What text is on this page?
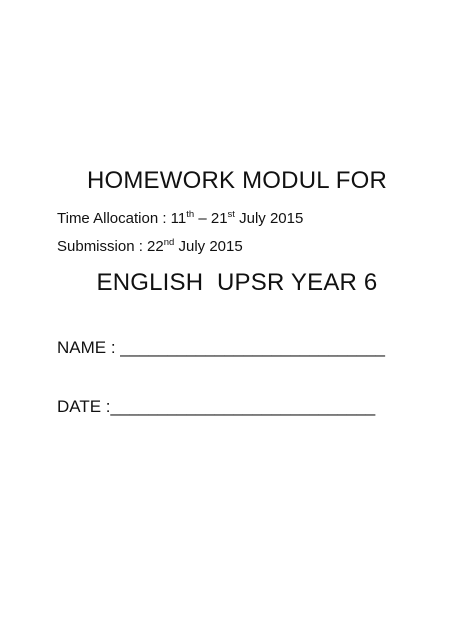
HOMEWORK MODUL FOR

ENGLISH  UPSR YEAR 6

Time Allocation : 11th – 21st July 2015
Submission : 22nd July 2015
NAME : ____________________________
DATE :____________________________
